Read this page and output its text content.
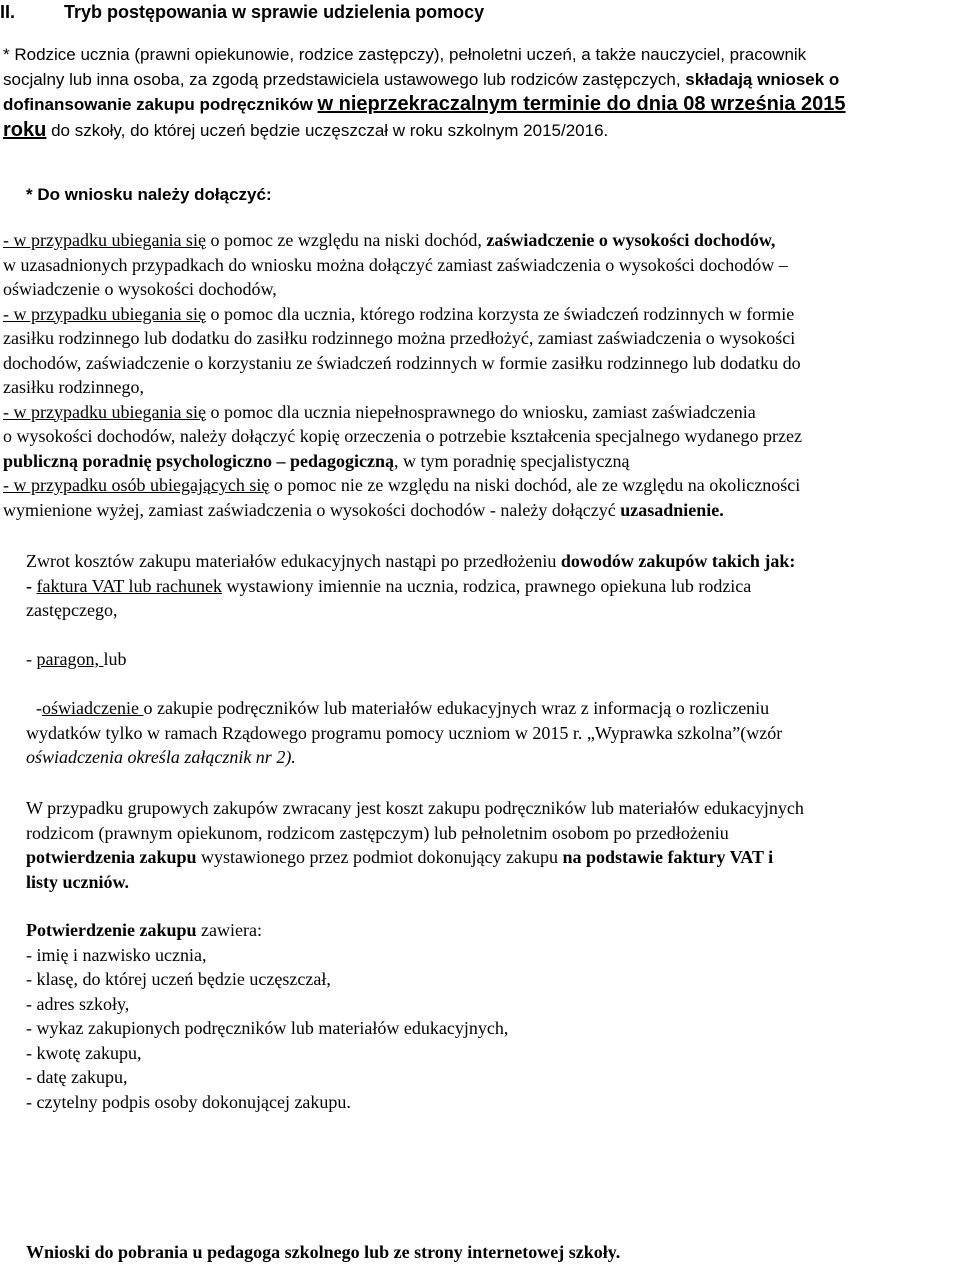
II.	Tryb postępowania w sprawie udzielenia pomocy
* Rodzice ucznia (prawni opiekunowie, rodzice zastępczy), pełnoletni uczeń, a także nauczyciel, pracownik
socjalny lub inna osoba, za zgodą przedstawiciela ustawowego lub rodziców zastępczych, składają wniosek o
dofinansowanie zakupu podręczników w nieprzekraczalnym terminie do dnia 08 września 2015
roku do szkoły, do której uczeń będzie uczęszczał w roku szkolnym 2015/2016.
* Do wniosku należy dołączyć:
- w przypadku ubiegania się o pomoc ze względu na niski dochód, zaświadczenie o wysokości dochodów,
w uzasadnionych przypadkach do wniosku można dołączyć zamiast zaświadczenia o wysokości dochodów –
oświadczenie o wysokości dochodów,
- w przypadku ubiegania się o pomoc dla ucznia, którego rodzina korzysta ze świadczeń rodzinnych w formie
zasiłku rodzinnego lub dodatku do zasiłku rodzinnego można przedłożyć, zamiast zaświadczenia o wysokości
dochodów, zaświadczenie o korzystaniu ze świadczeń rodzinnych w formie zasiłku rodzinnego lub dodatku do
zasiłku rodzinnego,
- w przypadku ubiegania się o pomoc dla ucznia niepełnosprawnego do wniosku, zamiast zaświadczenia
o wysokości dochodów, należy dołączyć kopię orzeczenia o potrzebie kształcenia specjalnego wydanego przez
publiczną poradnię psychologiczno – pedagogiczną, w tym poradnię specjalistyczną
- w przypadku osób ubiegających się o pomoc nie ze względu na niski dochód, ale ze względu na okoliczności
wymienione wyżej, zamiast zaświadczenia o wysokości dochodów - należy dołączyć uzasadnienie.
Zwrot kosztów zakupu materiałów edukacyjnych nastąpi po przedłożeniu dowodów zakupów takich jak:
- faktura VAT lub rachunek wystawiony imiennie na ucznia, rodzica, prawnego opiekuna lub rodzica
zastępczego,
- paragon, lub
-oświadczenie o zakupie podręczników lub materiałów edukacyjnych wraz z informacją o rozliczeniu
wydatków tylko w ramach Rządowego programu pomocy uczniom w 2015 r. „Wyprawka szkolna”(wzór
oświadczenia określa załącznik nr 2).
W przypadku grupowych zakupów zwracany jest koszt zakupu podręczników lub materiałów edukacyjnych
rodzicom (prawnym opiekunom, rodzicom zastępczym) lub pełnoletnim osobom po przedłożeniu
potwierdzenia zakupu wystawionego przez podmiot dokonujący zakupu na podstawie faktury VAT i
listy uczniów.
Potwierdzenie zakupu zawiera:
- imię i nazwisko ucznia,
- klasę, do której uczeń będzie uczęszczał,
- adres szkoły,
- wykaz zakupionych podręczników lub materiałów edukacyjnych,
- kwotę zakupu,
- datę zakupu,
- czytelny podpis osoby dokonującej zakupu.
Wnioski do pobrania u pedagoga szkolnego lub ze strony internetowej szkoły.
